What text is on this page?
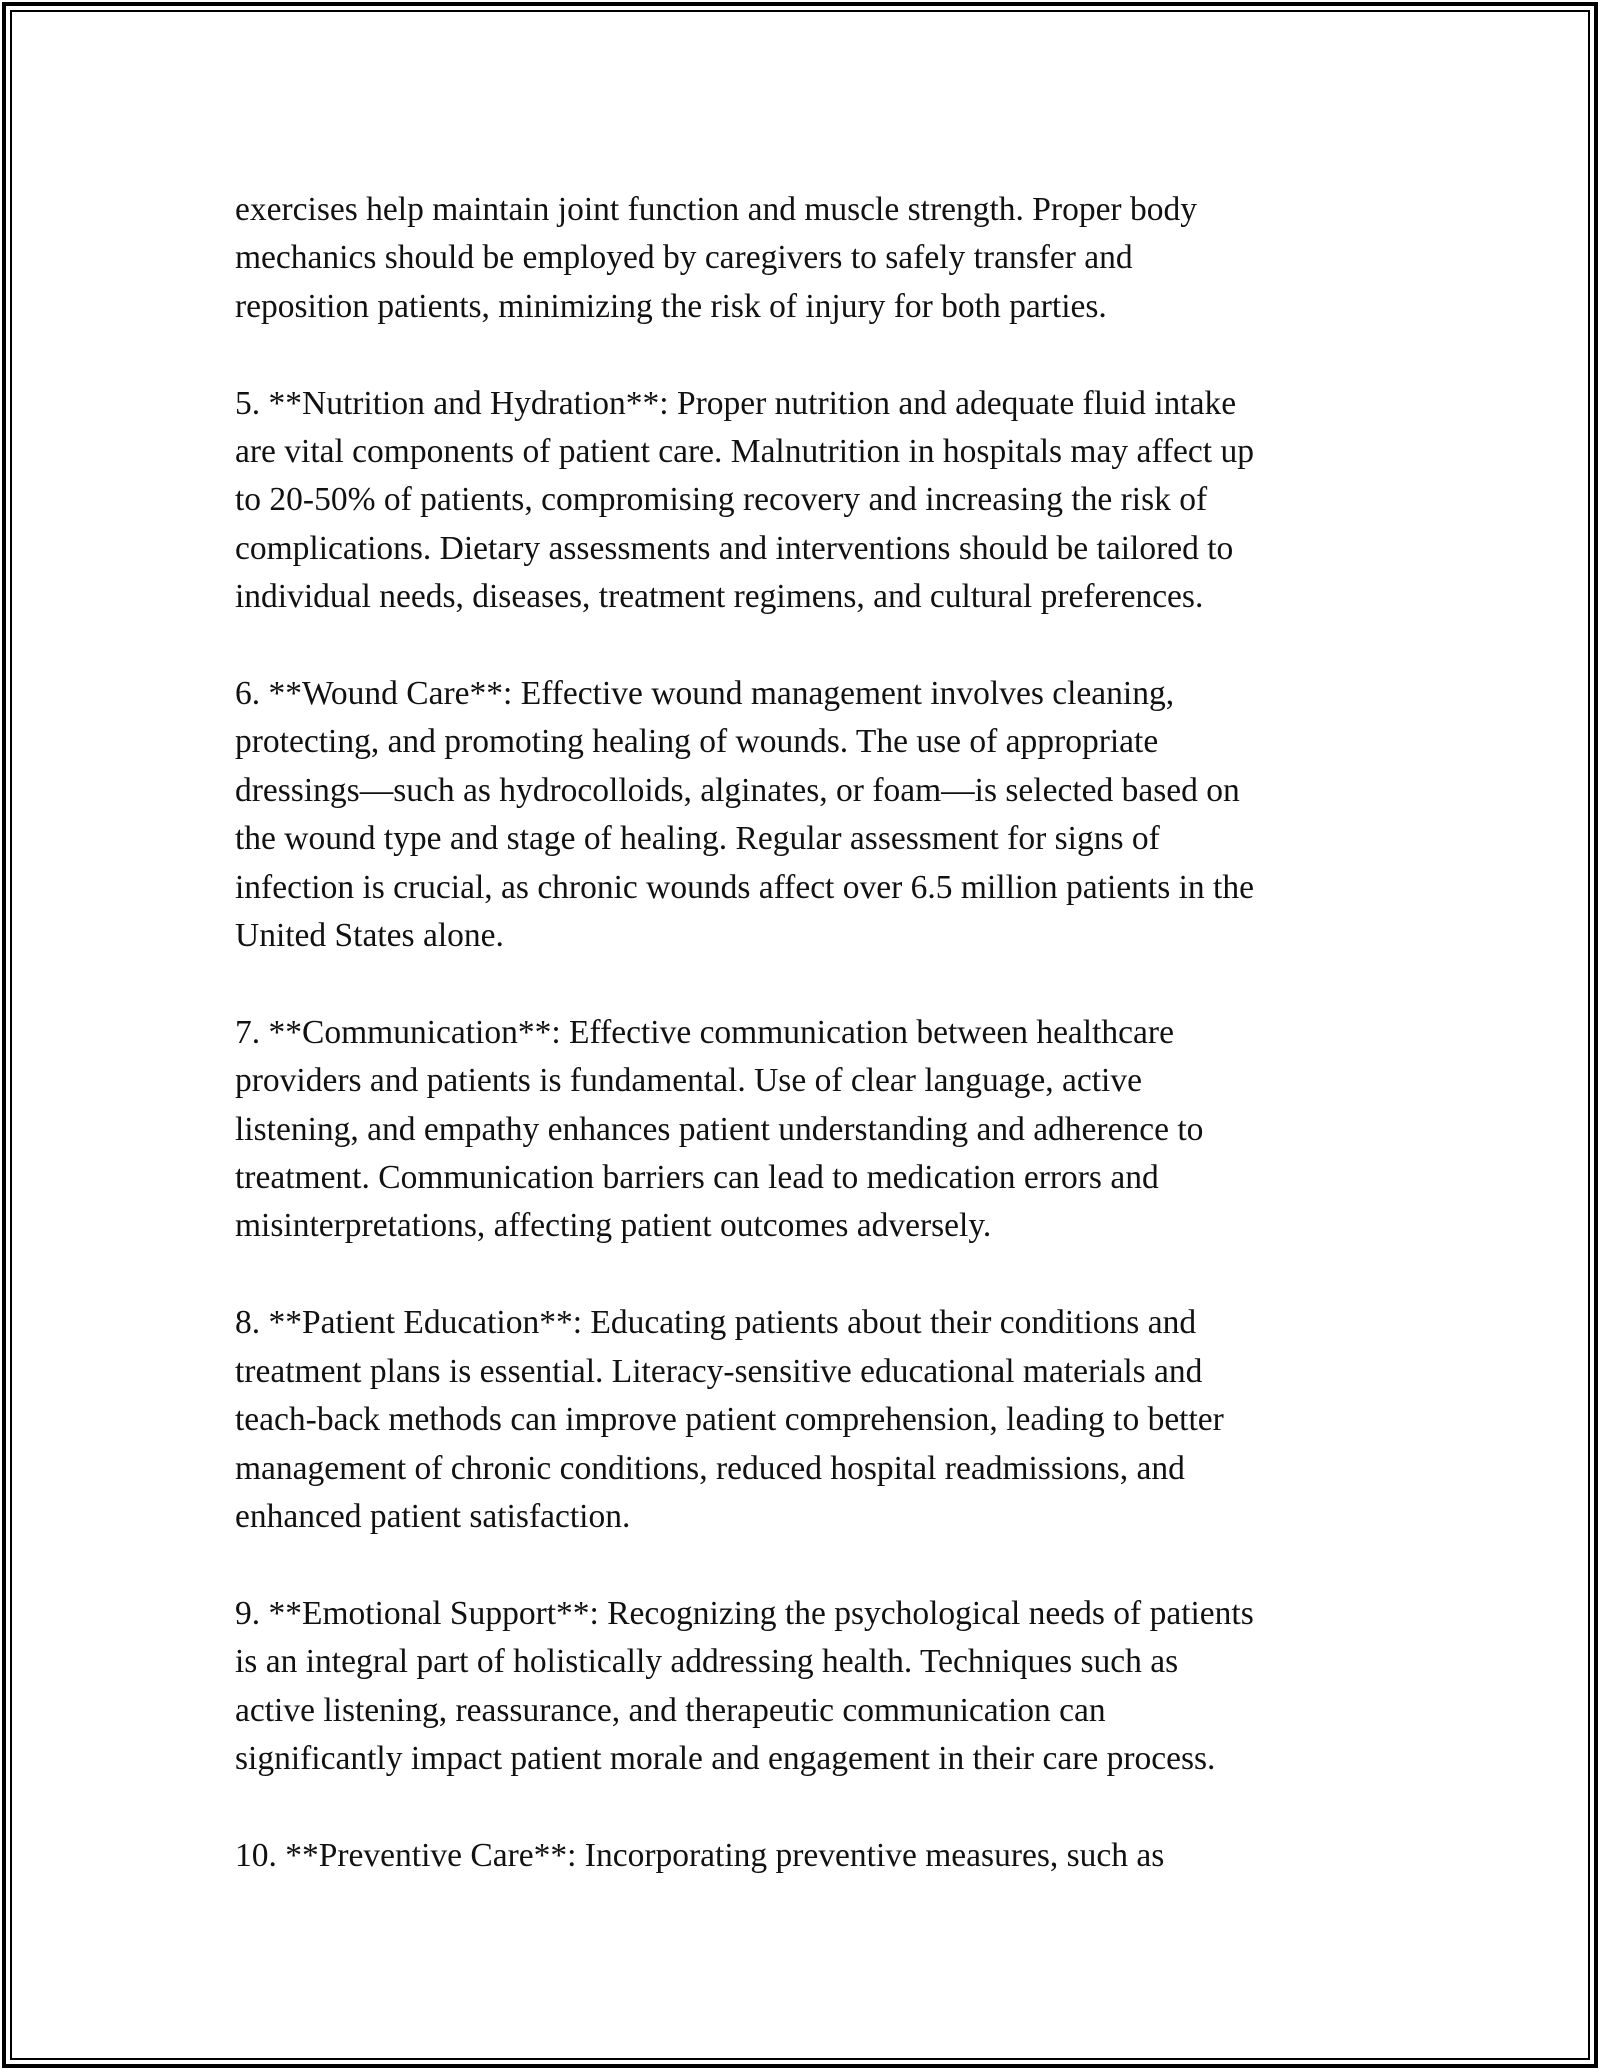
exercises help maintain joint function and muscle strength. Proper body
mechanics should be employed by caregivers to safely transfer and
reposition patients, minimizing the risk of injury for both parties.

5. **Nutrition and Hydration**: Proper nutrition and adequate fluid intake
are vital components of patient care. Malnutrition in hospitals may affect up
to 20-50% of patients, compromising recovery and increasing the risk of
complications. Dietary assessments and interventions should be tailored to
individual needs, diseases, treatment regimens, and cultural preferences.

6. **Wound Care**: Effective wound management involves cleaning,
protecting, and promoting healing of wounds. The use of appropriate
dressings—such as hydrocolloids, alginates, or foam—is selected based on
the wound type and stage of healing. Regular assessment for signs of
infection is crucial, as chronic wounds affect over 6.5 million patients in the
United States alone.

7. **Communication**: Effective communication between healthcare
providers and patients is fundamental. Use of clear language, active
listening, and empathy enhances patient understanding and adherence to
treatment. Communication barriers can lead to medication errors and
misinterpretations, affecting patient outcomes adversely.

8. **Patient Education**: Educating patients about their conditions and
treatment plans is essential. Literacy-sensitive educational materials and
teach-back methods can improve patient comprehension, leading to better
management of chronic conditions, reduced hospital readmissions, and
enhanced patient satisfaction.

9. **Emotional Support**: Recognizing the psychological needs of patients
is an integral part of holistically addressing health. Techniques such as
active listening, reassurance, and therapeutic communication can
significantly impact patient morale and engagement in their care process.

10. **Preventive Care**: Incorporating preventive measures, such as
